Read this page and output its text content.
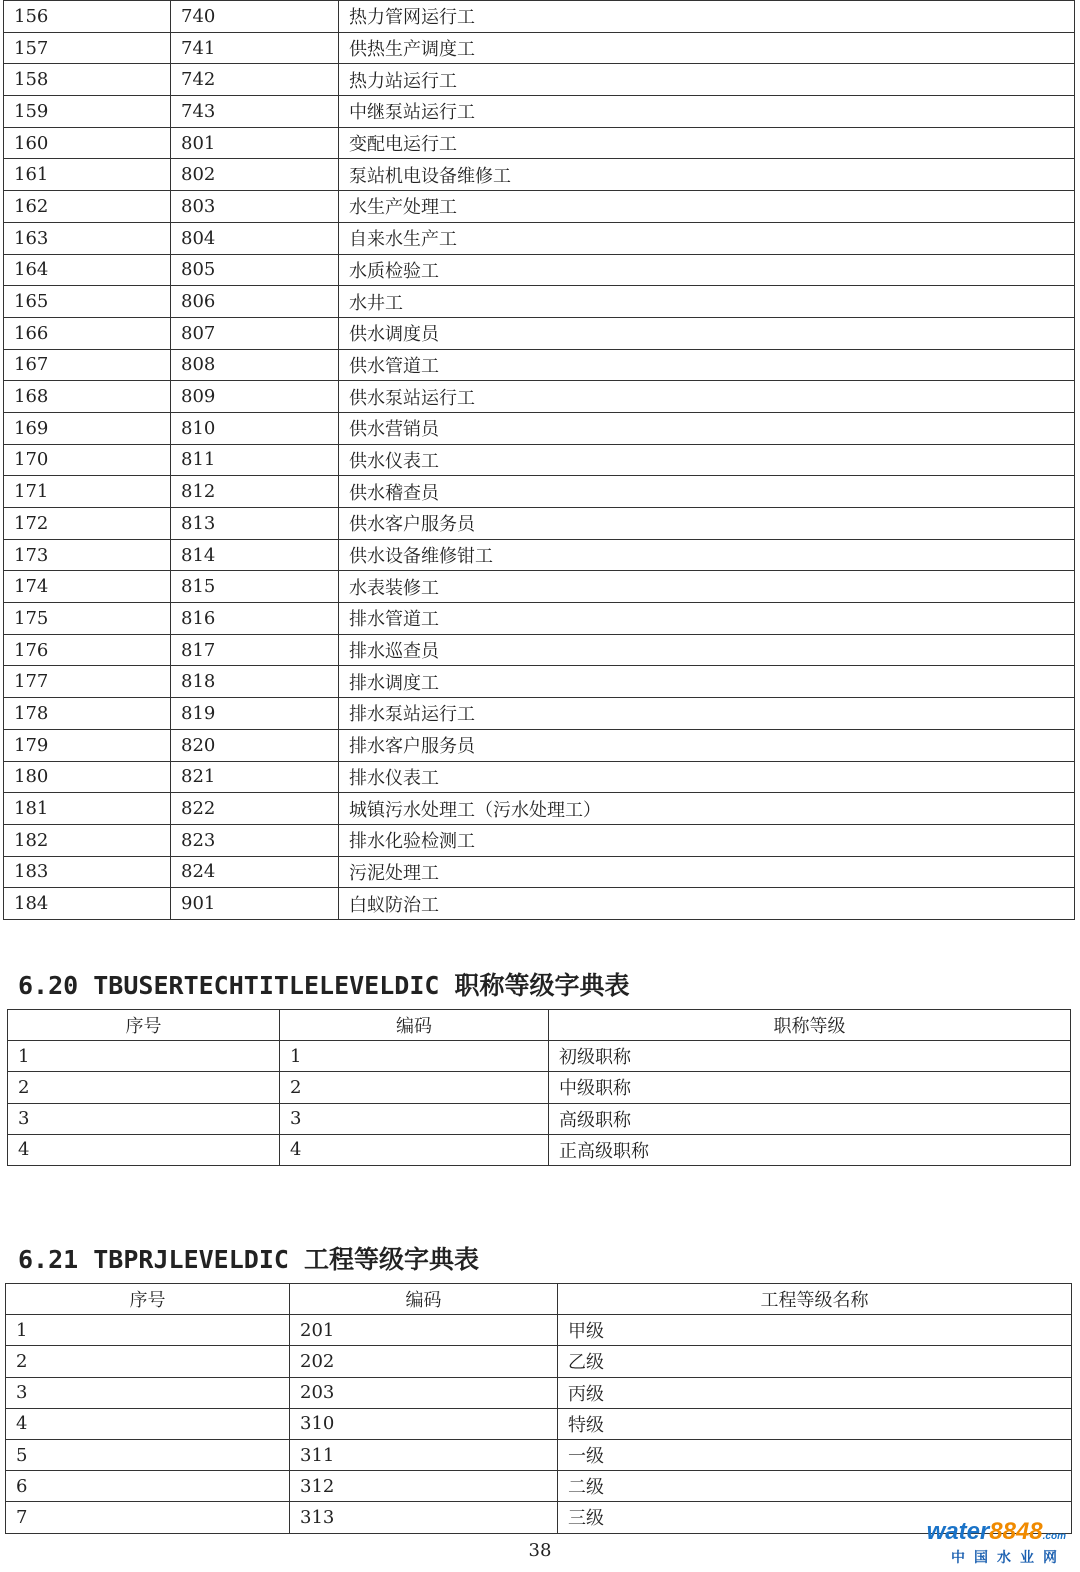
156	740	热力管网运行工
157	741	供热生产调度工
158	742	热力站运行工
159	743	中继泵站运行工
160	801	变配电运行工
161	802	泵站机电设备维修工
162	803	水生产处理工
163	804	自来水生产工
164	805	水质检验工
165	806	水井工
166	807	供水调度员
167	808	供水管道工
168	809	供水泵站运行工
169	810	供水营销员
170	811	供水仪表工
171	812	供水稽查员
172	813	供水客户服务员
173	814	供水设备维修钳工
174	815	水表装修工
175	816	排水管道工
176	817	排水巡查员
177	818	排水调度工
178	819	排水泵站运行工
179	820	排水客户服务员
180	821	排水仪表工
181	822	城镇污水处理工（污水处理工）
182	823	排水化验检测工
183	824	污泥处理工
184	901	白蚁防治工
6.20 TBUSERTECHTITLELEVELDIC 职称等级字典表
序号	编码	职称等级
1	1	初级职称
2	2	中级职称
3	3	高级职称
4	4	正高级职称
6.21 TBPRJLEVELDIC 工程等级字典表
序号	编码	工程等级名称
1	201	甲级
2	202	乙级
3	203	丙级
4	310	特级
5	311	一级
6	312	二级
7	313	三级
38
water8848.com
中国水业网
